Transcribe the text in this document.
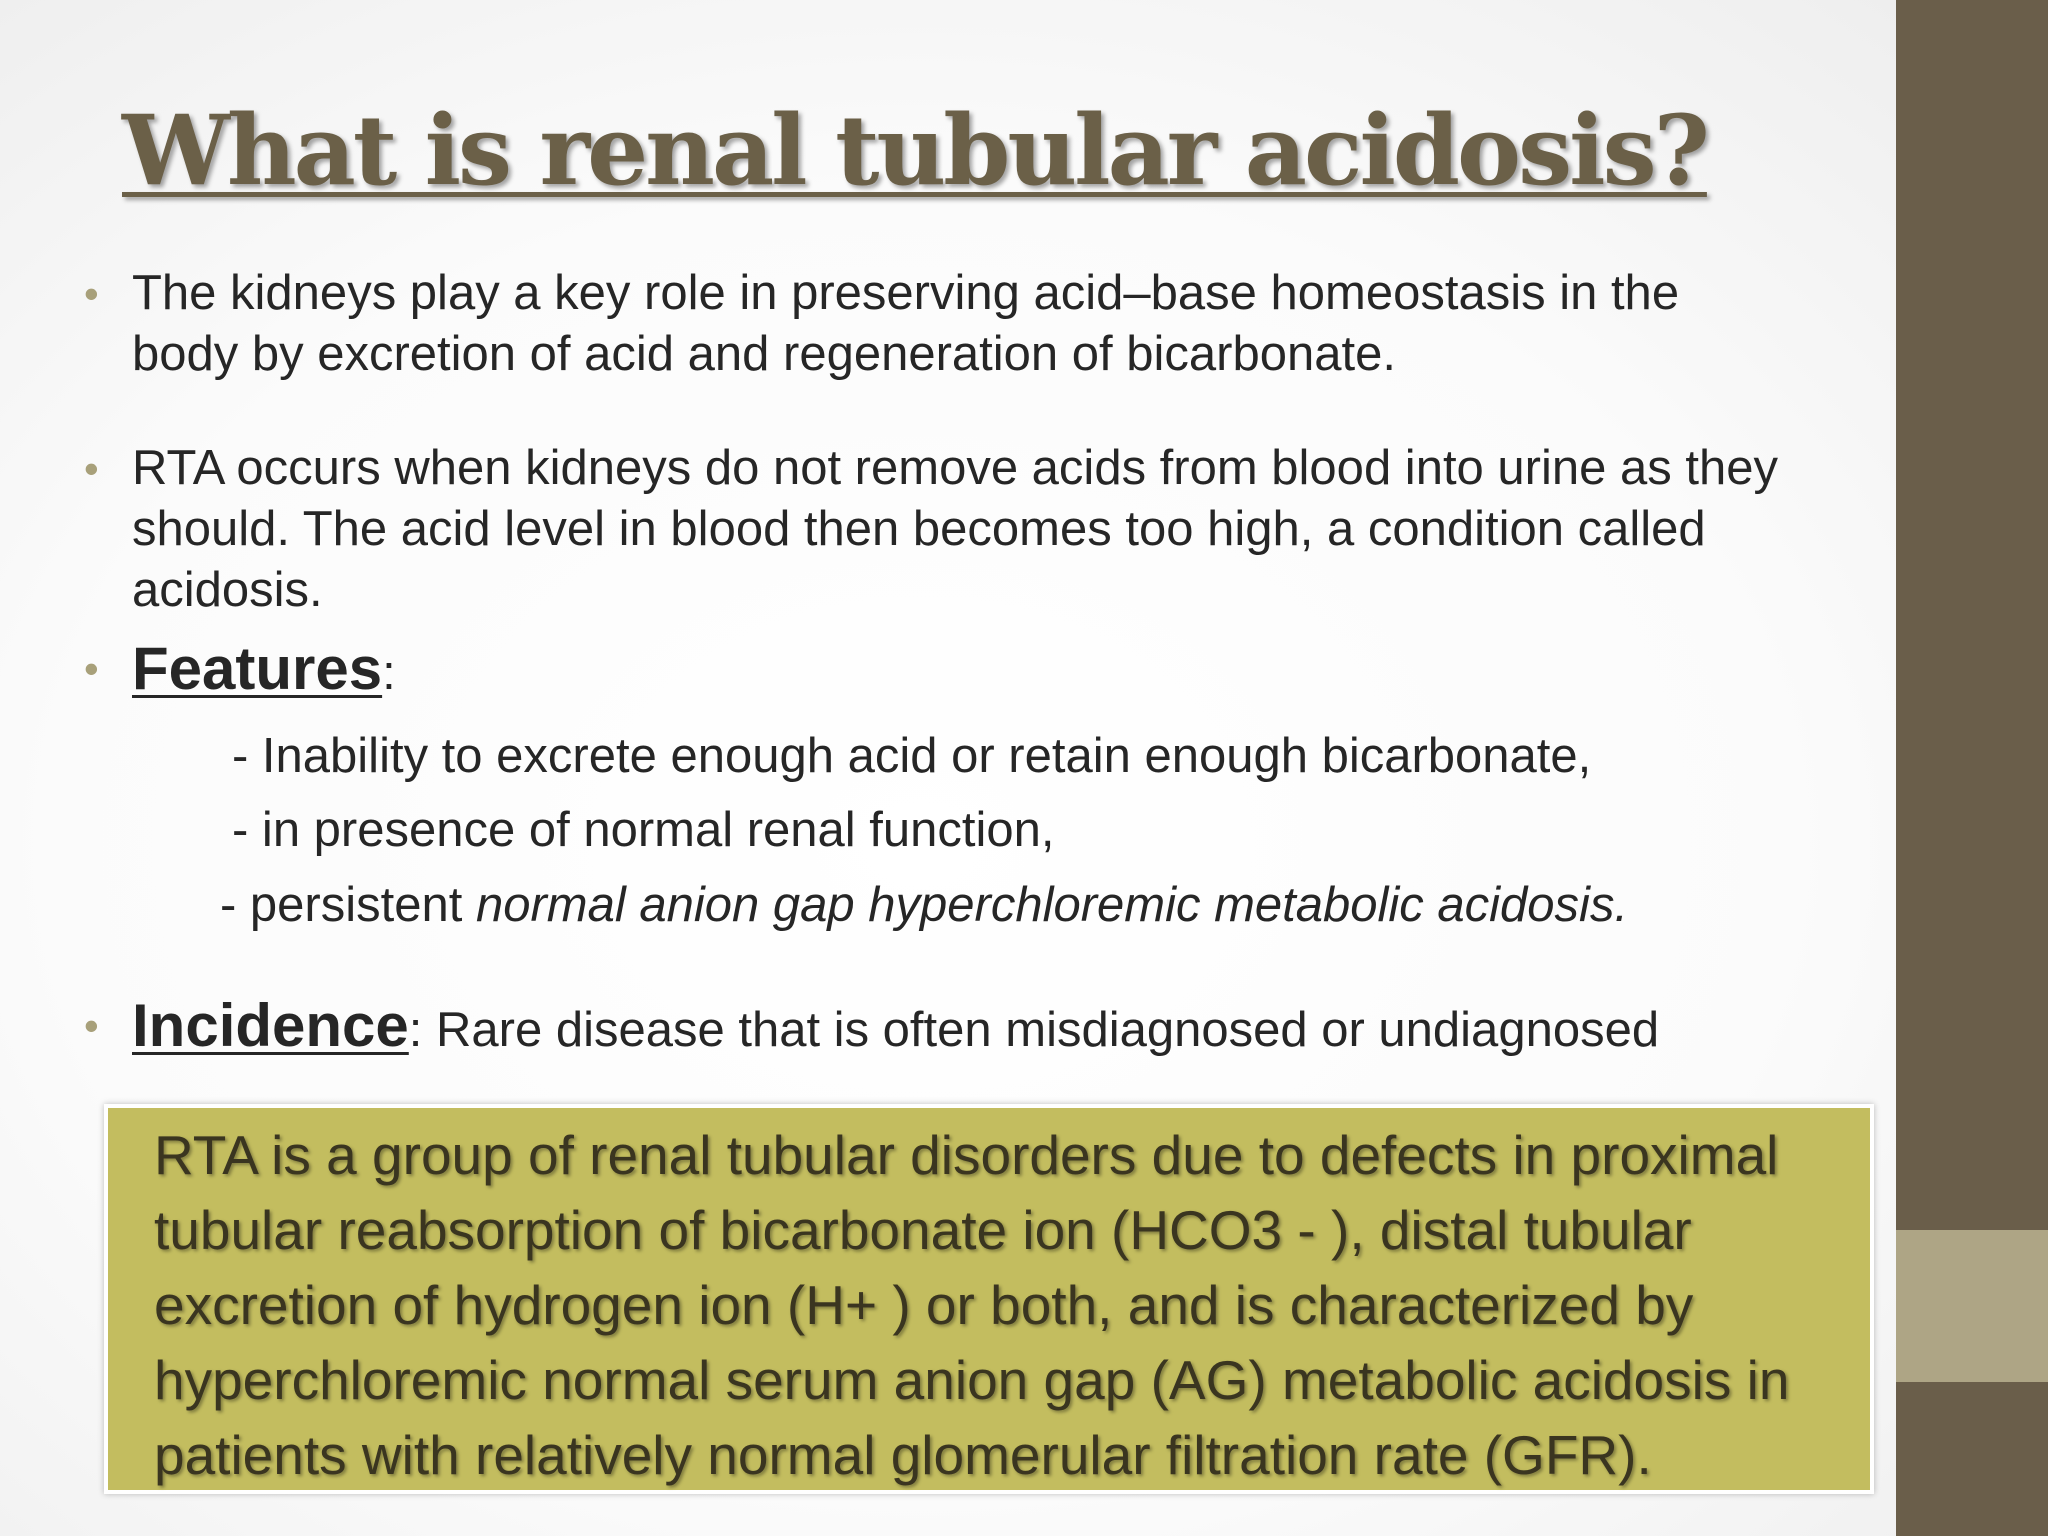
What is renal tubular acidosis?
• The kidneys play a key role in preserving acid–base homeostasis in the body by excretion of acid and regeneration of bicarbonate.
• RTA occurs when kidneys do not remove acids from blood into urine as they should. The acid level in blood then becomes too high, a condition called acidosis.
• Features:
- Inability to excrete enough acid or retain enough bicarbonate,
- in presence of normal renal function,
- persistent normal anion gap hyperchloremic metabolic acidosis.
• Incidence: Rare disease that is often misdiagnosed or undiagnosed
RTA is a group of renal tubular disorders due to defects in proximal tubular reabsorption of bicarbonate ion (HCO3 - ), distal tubular excretion of hydrogen ion (H+ ) or both, and is characterized by hyperchloremic normal serum anion gap (AG) metabolic acidosis in patients with relatively normal glomerular filtration rate (GFR).
